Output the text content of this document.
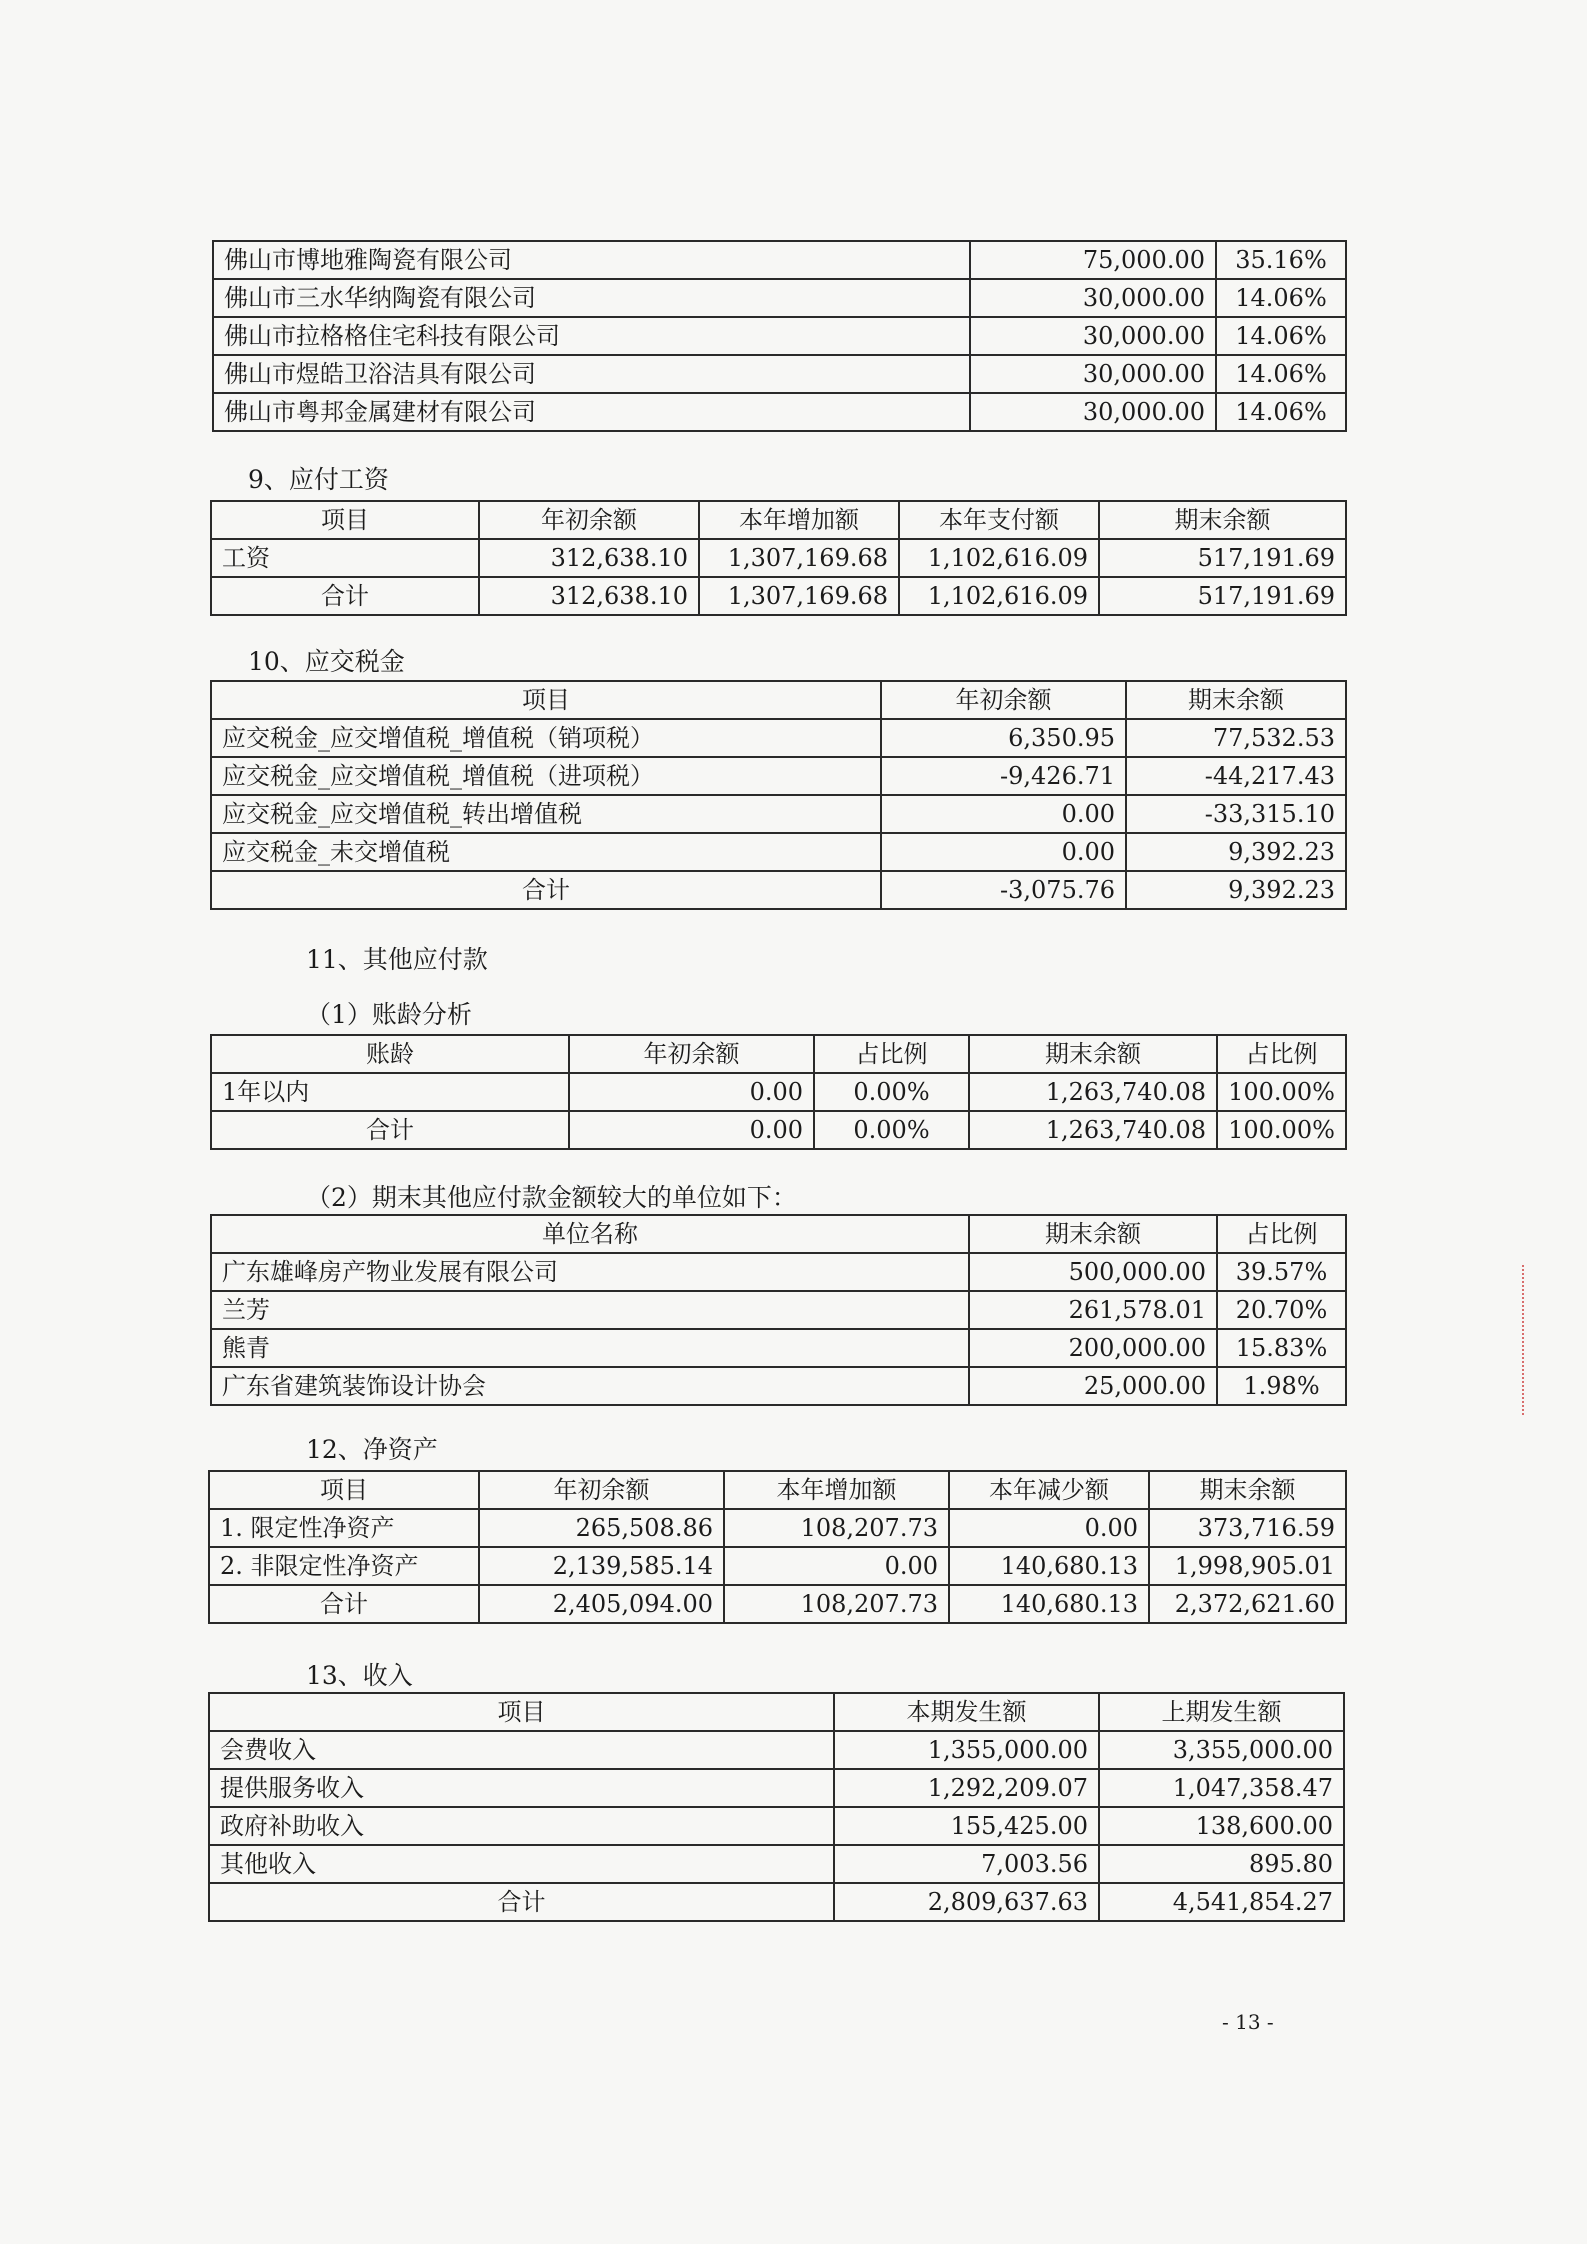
佛山市博地雅陶瓷有限公司	75,000.00	35.16%
佛山市三水华纳陶瓷有限公司	30,000.00	14.06%
佛山市拉格格住宅科技有限公司	30,000.00	14.06%
佛山市煜皓卫浴洁具有限公司	30,000.00	14.06%
佛山市粤邦金属建材有限公司	30,000.00	14.06%
9、应付工资
项目	年初余额	本年增加额	本年支付额	期末余额
工资	312,638.10	1,307,169.68	1,102,616.09	517,191.69
合计	312,638.10	1,307,169.68	1,102,616.09	517,191.69
10、应交税金
项目	年初余额	期末余额
应交税金_应交增值税_增值税（销项税）	6,350.95	77,532.53
应交税金_应交增值税_增值税（进项税）	-9,426.71	-44,217.43
应交税金_应交增值税_转出增值税	0.00	-33,315.10
应交税金_未交增值税	0.00	9,392.23
合计	-3,075.76	9,392.23
11、其他应付款
（1）账龄分析
账龄	年初余额	占比例	期末余额	占比例
1年以内	0.00	0.00%	1,263,740.08	100.00%
合计	0.00	0.00%	1,263,740.08	100.00%
（2）期末其他应付款金额较大的单位如下：
单位名称	期末余额	占比例
广东雄峰房产物业发展有限公司	500,000.00	39.57%
兰芳	261,578.01	20.70%
熊青	200,000.00	15.83%
广东省建筑装饰设计协会	25,000.00	1.98%
12、净资产
项目	年初余额	本年增加额	本年减少额	期末余额
1. 限定性净资产	265,508.86	108,207.73	0.00	373,716.59
2. 非限定性净资产	2,139,585.14	0.00	140,680.13	1,998,905.01
合计	2,405,094.00	108,207.73	140,680.13	2,372,621.60
13、收入
项目	本期发生额	上期发生额
会费收入	1,355,000.00	3,355,000.00
提供服务收入	1,292,209.07	1,047,358.47
政府补助收入	155,425.00	138,600.00
其他收入	7,003.56	895.80
合计	2,809,637.63	4,541,854.27
- 13 -
